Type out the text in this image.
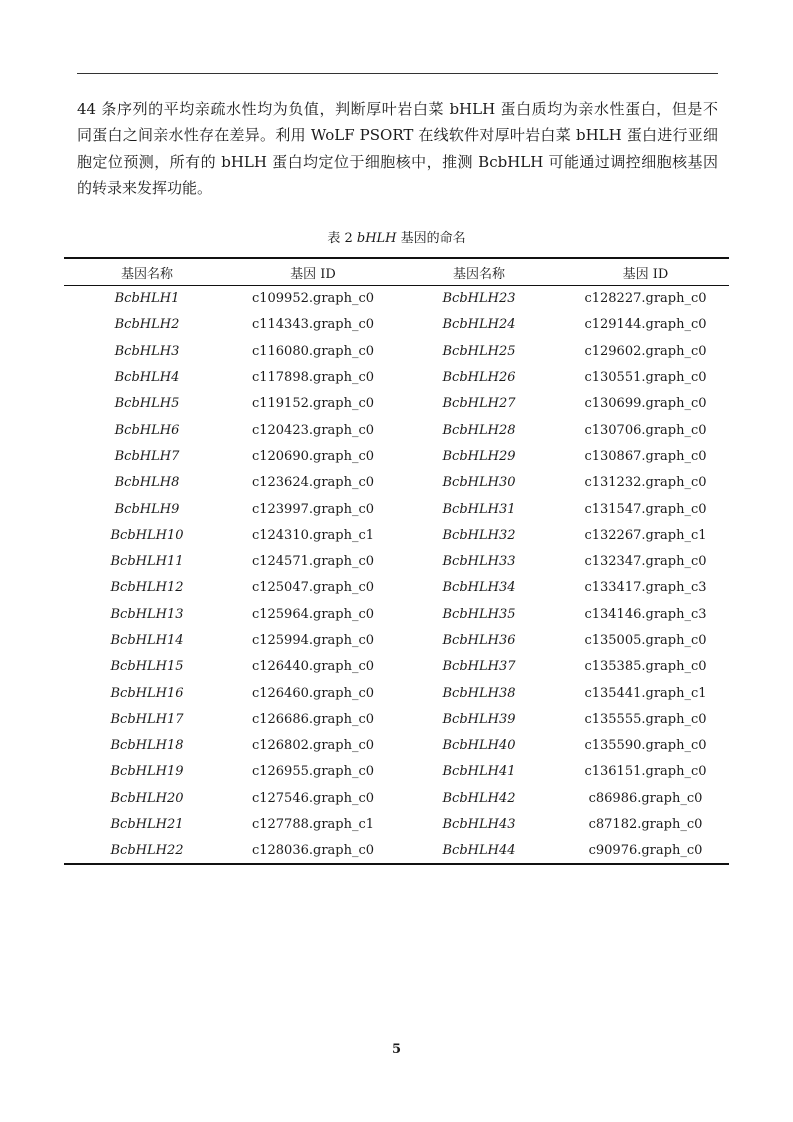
44 条序列的平均亲疏水性均为负值，判断厚叶岩白菜 bHLH 蛋白质均为亲水性蛋白，但是不
同蛋白之间亲水性存在差异。利用 WoLF PSORT 在线软件对厚叶岩白菜 bHLH 蛋白进行亚细
胞定位预测，所有的 bHLH 蛋白均定位于细胞核中，推测 BcbHLH 可能通过调控细胞核基因
的转录来发挥功能。

表 2 bHLH 基因的命名
基因名称	基因 ID	基因名称	基因 ID
BcbHLH1	c109952.graph_c0	BcbHLH23	c128227.graph_c0
BcbHLH2	c114343.graph_c0	BcbHLH24	c129144.graph_c0
BcbHLH3	c116080.graph_c0	BcbHLH25	c129602.graph_c0
BcbHLH4	c117898.graph_c0	BcbHLH26	c130551.graph_c0
BcbHLH5	c119152.graph_c0	BcbHLH27	c130699.graph_c0
BcbHLH6	c120423.graph_c0	BcbHLH28	c130706.graph_c0
BcbHLH7	c120690.graph_c0	BcbHLH29	c130867.graph_c0
BcbHLH8	c123624.graph_c0	BcbHLH30	c131232.graph_c0
BcbHLH9	c123997.graph_c0	BcbHLH31	c131547.graph_c0
BcbHLH10	c124310.graph_c1	BcbHLH32	c132267.graph_c1
BcbHLH11	c124571.graph_c0	BcbHLH33	c132347.graph_c0
BcbHLH12	c125047.graph_c0	BcbHLH34	c133417.graph_c3
BcbHLH13	c125964.graph_c0	BcbHLH35	c134146.graph_c3
BcbHLH14	c125994.graph_c0	BcbHLH36	c135005.graph_c0
BcbHLH15	c126440.graph_c0	BcbHLH37	c135385.graph_c0
BcbHLH16	c126460.graph_c0	BcbHLH38	c135441.graph_c1
BcbHLH17	c126686.graph_c0	BcbHLH39	c135555.graph_c0
BcbHLH18	c126802.graph_c0	BcbHLH40	c135590.graph_c0
BcbHLH19	c126955.graph_c0	BcbHLH41	c136151.graph_c0
BcbHLH20	c127546.graph_c0	BcbHLH42	c86986.graph_c0
BcbHLH21	c127788.graph_c1	BcbHLH43	c87182.graph_c0
BcbHLH22	c128036.graph_c0	BcbHLH44	c90976.graph_c0
5
